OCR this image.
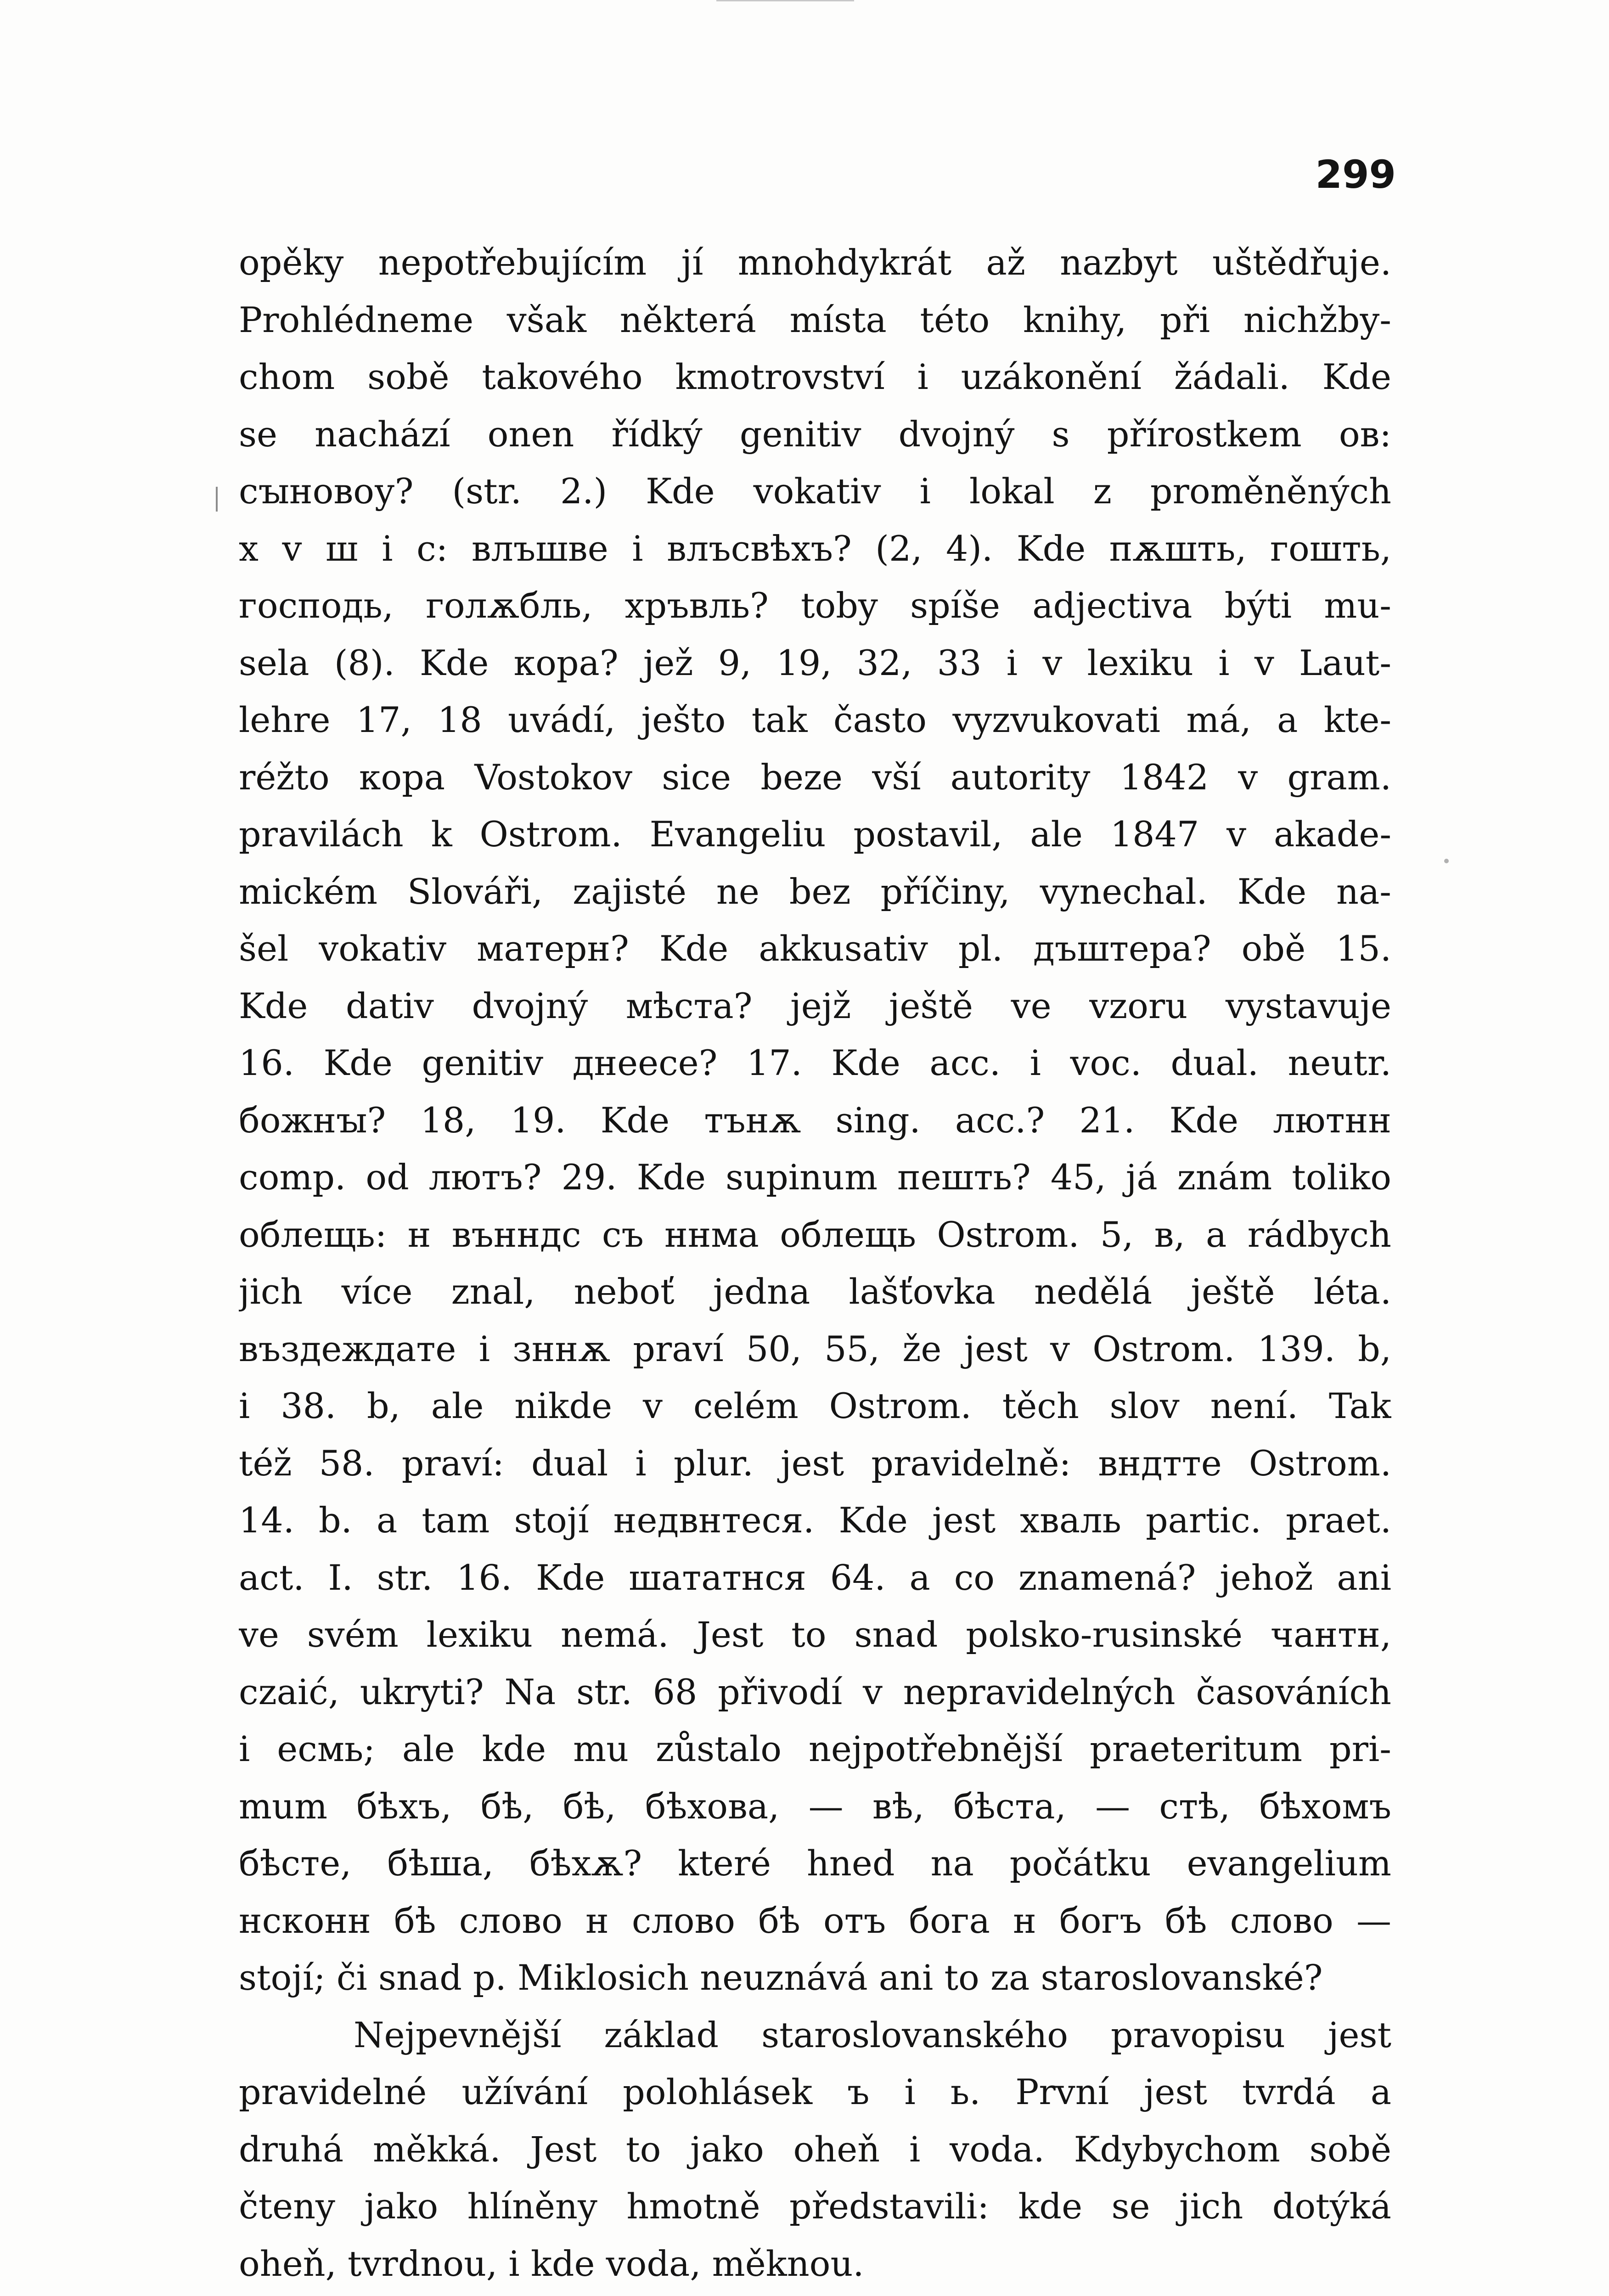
299
opěky nepotřebujícím jí mnohdykrát až nazbyt uštědřuje.
Prohlédneme však některá místa této knihy, při nichžby-
chom sobě takového kmotrovství i uzákonění žádali. Kde
se nachází onen řídký genitiv dvojný s přírostkem ов:
сꙑновоу? (str. 2.) Kde vokativ i lokal z proměněných
х v ш i c: влъшве i влъсвѣхъ? (2, 4). Kde пѫшть, гошть,
господь, голѫбль, хръвль? toby spíše adjectiva býti mu-
sela (8). Kde кора? jež 9, 19, 32, 33 i v lexiku i v Laut-
lehre 17, 18 uvádí, ješto tak často vyzvukovati má, a kte-
réžto кора Vostokov sice beze vší autority 1842 v gram.
pravilách k Ostrom. Evangeliu postavil, ale 1847 v akade-
mickém Slováři, zajisté ne bez příčiny, vynechal. Kde na-
šel vokativ матерн? Kde akkusativ pl. дъштера? obě 15.
Kde dativ dvojný мѣста? jejž ještě ve vzoru vystavuje
16. Kde genitiv днеесе? 17. Kde acc. i voc. dual. neutr.
божнꙑ? 18, 19. Kde тънѫ sing. acc.? 21. Kde лютнн
comp. od лютъ? 29. Kde supinum пешть? 45, já znám toliko
облещь: н вънндс съ ннма облещь Ostrom. 5, в, a rádbych
jich více znal, neboť jedna lašťovka nedělá ještě léta.
въздеждате i зннѫ praví 50, 55, že jest v Ostrom. 139. b,
i 38. b, ale nikde v celém Ostrom. těch slov není. Tak
též 58. praví: dual i plur. jest pravidelně: вндтте Ostrom.
14. b. a tam stojí недвнтеся. Kde jest хваль partic. praet.
act. I. str. 16. Kde шататнся 64. a co znamená? jehož ani
ve svém lexiku nemá. Jest to snad polsko-rusinské чантн,
czaić, ukryti? Na str. 68 přivodí v nepravidelných časováních
i есмь; ale kde mu zůstalo nejpotřebnější praeteritum pri-
mum бѣхъ, бѣ, бѣ, бѣхова, — вѣ, бѣста, — стѣ, бѣхомъ
бѣсте, бѣша, бѣхѫ? které hned na počátku evangelium
нсконн бѣ слово н слово бѣ отъ бога н богъ бѣ слово —
stojí; či snad p. Miklosich neuznává ani to za staroslovanské?
Nejpevnější základ staroslovanského pravopisu jest
pravidelné užívání polohlásek ъ i ь. První jest tvrdá a
druhá měkká. Jest to jako oheň i voda. Kdybychom sobě
čteny jako hlíněny hmotně představili: kde se jich dotýká
oheň, tvrdnou, i kde voda, měknou.
